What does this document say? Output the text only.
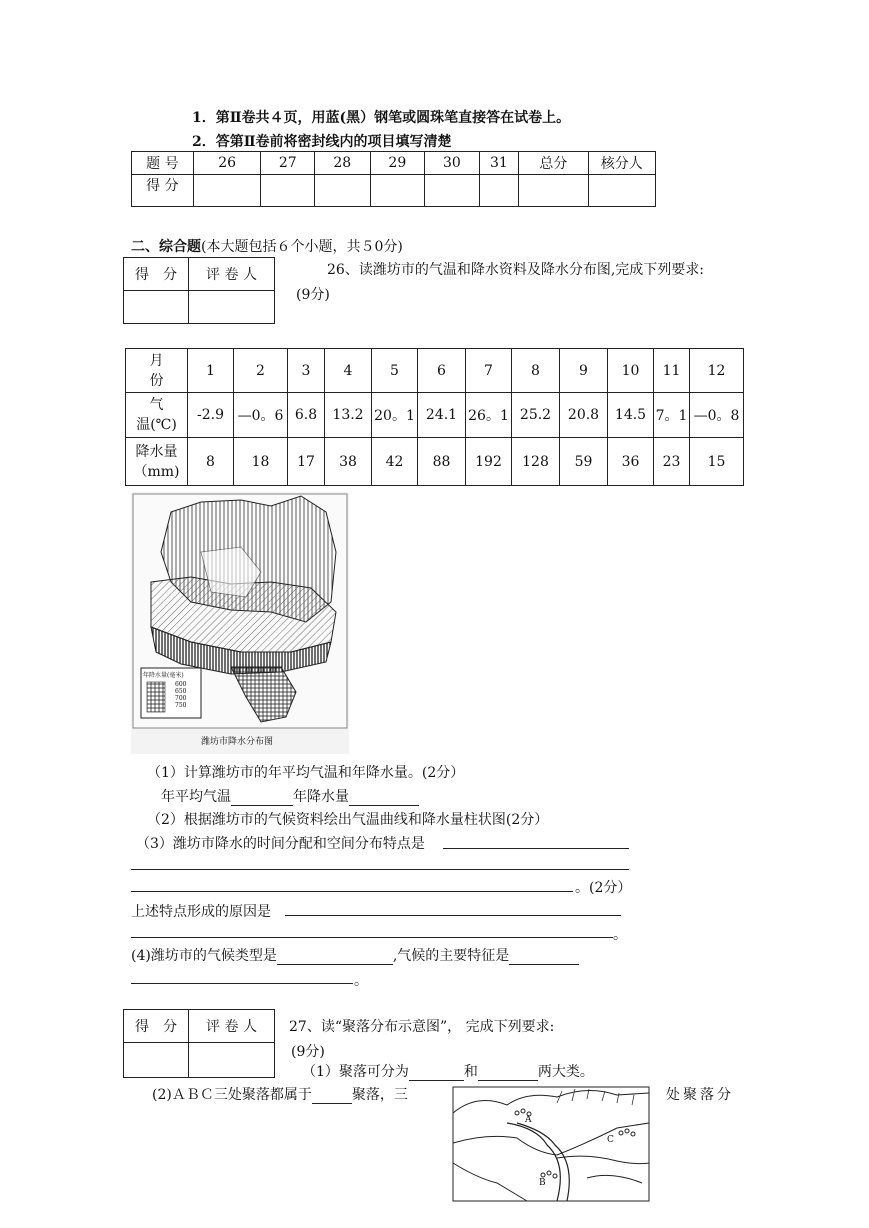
1．第Ⅱ卷共４页，用蓝(黑）钢笔或圆珠笔直接答在试卷上。
2．答第Ⅱ卷前将密封线内的项目填写清楚
题 号	26	27	28	29	30	31	总分	核分人
得 分								
二、综合题(本大题包括６个小题，共５0分)
得　分	评 卷 人
		26、读潍坊市的气温和降水资料及降水分布图,完成下列要求:
(9分)
月
份	1	2	3	4	5	6	7	8	9	10	11	12
气
温(℃)	-2.9	—0。6	6.8	13.2	20。1	24.1	26。1	25.2	20.8	14.5	7。1	—0。8
降水量
（mm)	8	18	17	38	42	88	192	128	59	36	23	15
年降水量(毫米)
600
650
700
750
潍坊市降水分布图
（1）计算潍坊市的年平均气温和年降水量。(2分）
年平均气温	年降水量
（2）根据潍坊市的气候资料绘出气温曲线和降水量柱状图(2分）
（3）潍坊市降水的时间分配和空间分布特点是
。(2分）
上述特点形成的原因是
。
(4)潍坊市的气候类型是	,气候的主要特征是
。
得　分	评 卷 人
	27、读“聚落分布示意图”， 完成下列要求:
(9分)
（1）聚落可分为	和	两大类。
(2)ＡＢＣ三处聚落都属于	聚落，三	处聚落分
A
B
C
